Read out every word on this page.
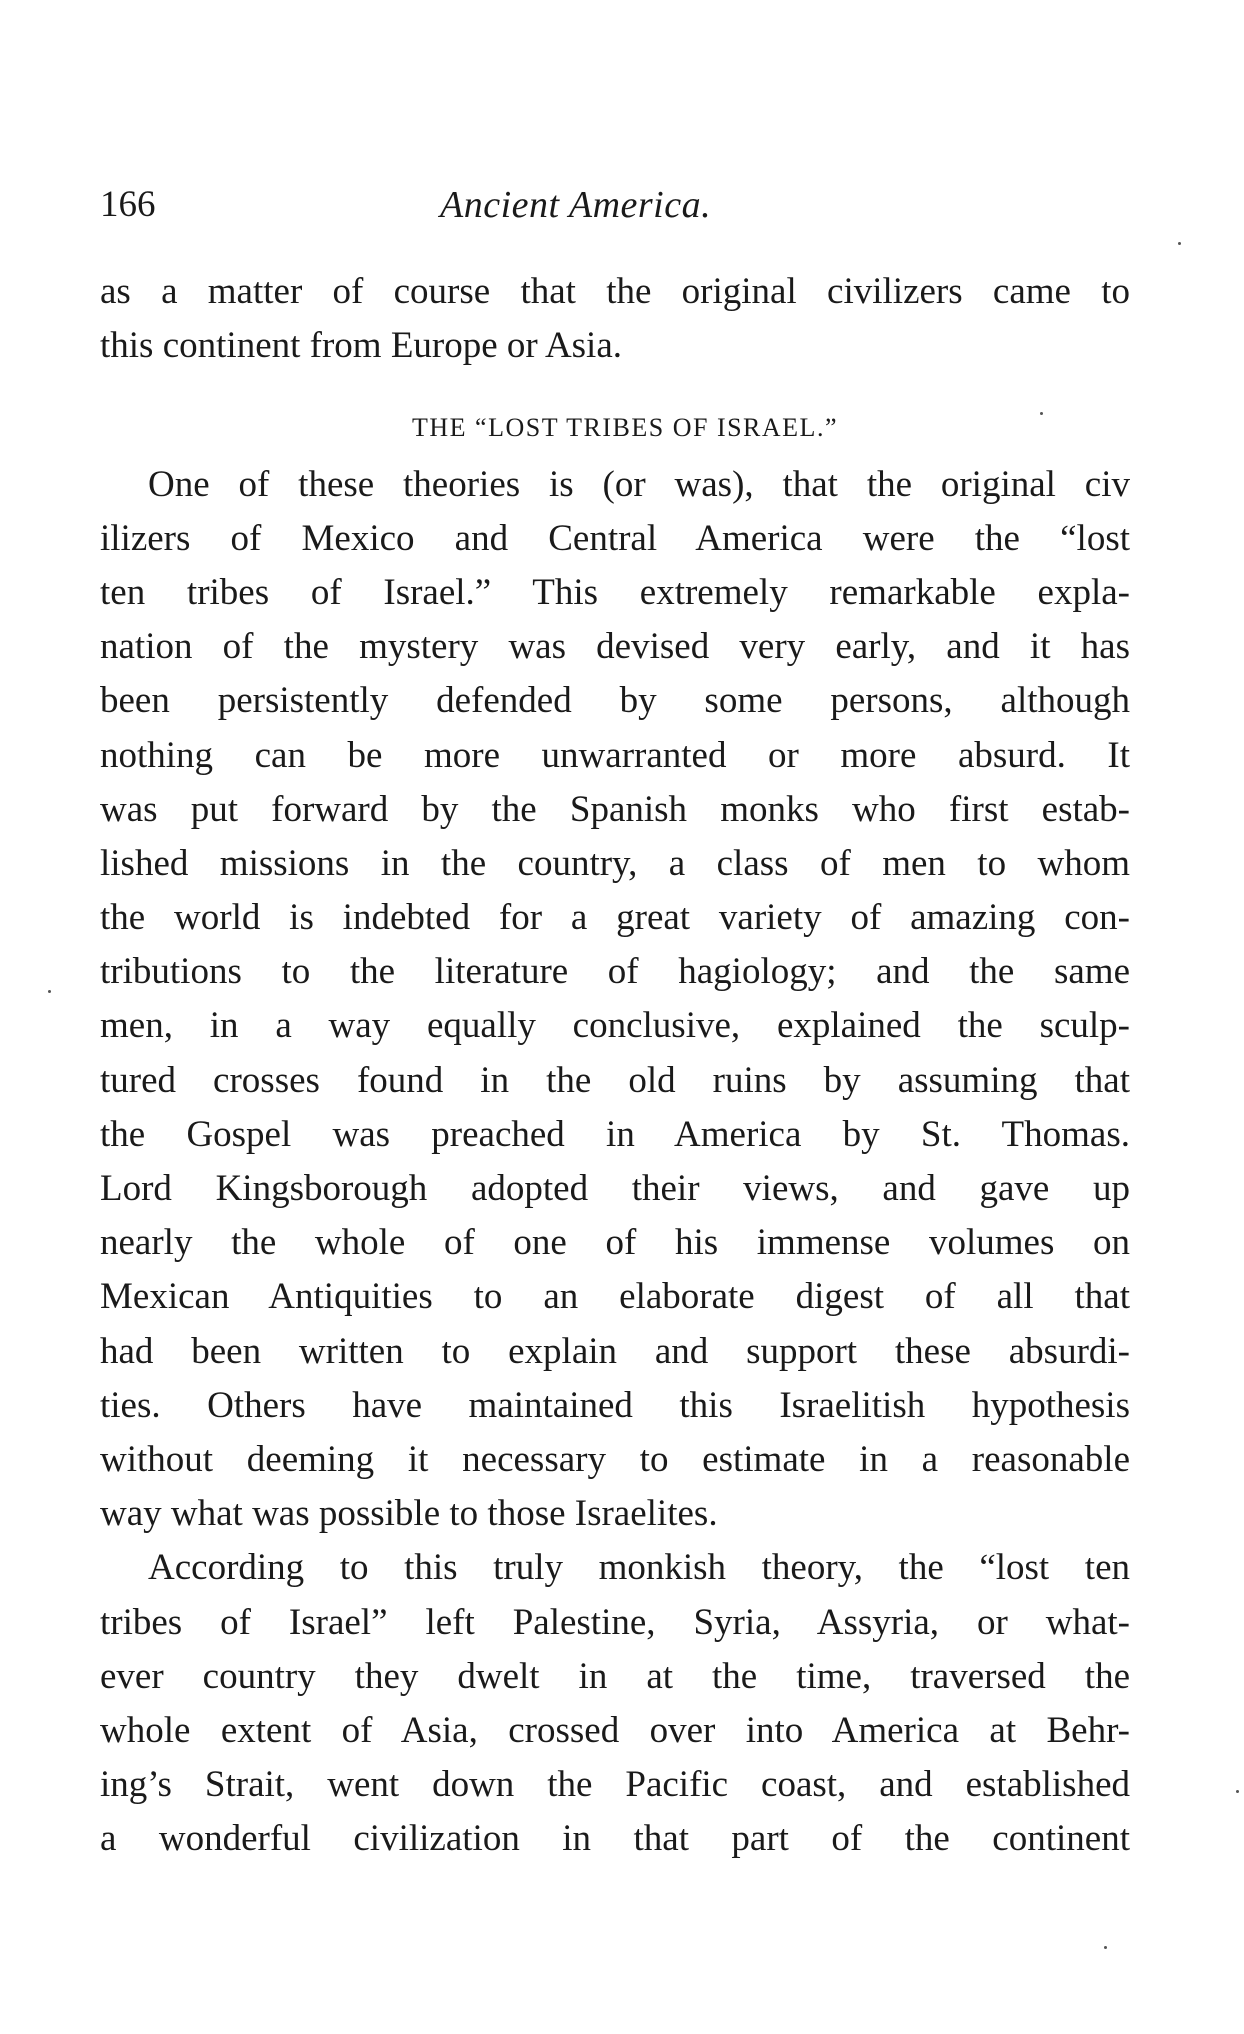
166	Ancient America.
as a matter of course that the original civilizers came to
this continent from Europe or Asia.
THE “LOST TRIBES OF ISRAEL.”
One of these theories is (or was), that the original civ
ilizers of Mexico and Central America were the “lost
ten tribes of Israel.” This extremely remarkable expla-
nation of the mystery was devised very early, and it has
been persistently defended by some persons, although
nothing can be more unwarranted or more absurd. It
was put forward by the Spanish monks who first estab-
lished missions in the country, a class of men to whom
the world is indebted for a great variety of amazing con-
tributions to the literature of hagiology; and the same
men, in a way equally conclusive, explained the sculp-
tured crosses found in the old ruins by assuming that
the Gospel was preached in America by St. Thomas.
Lord Kingsborough adopted their views, and gave up
nearly the whole of one of his immense volumes on
Mexican Antiquities to an elaborate digest of all that
had been written to explain and support these absurdi-
ties. Others have maintained this Israelitish hypothesis
without deeming it necessary to estimate in a reasonable
way what was possible to those Israelites.
According to this truly monkish theory, the “lost ten
tribes of Israel” left Palestine, Syria, Assyria, or what-
ever country they dwelt in at the time, traversed the
whole extent of Asia, crossed over into America at Behr-
ing’s Strait, went down the Pacific coast, and established
a wonderful civilization in that part of the continent
